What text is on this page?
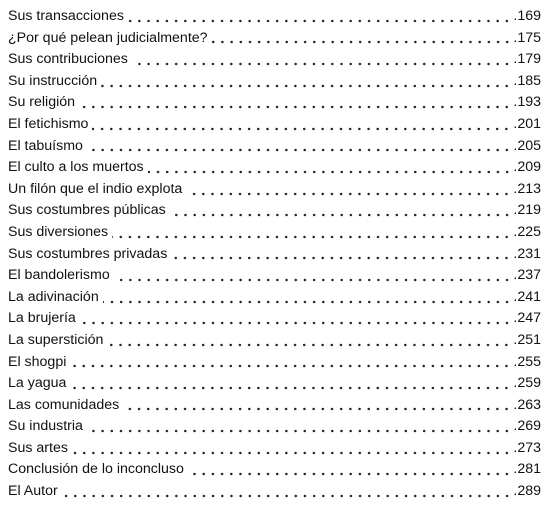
Sus transacciones	.169
¿Por qué pelean judicialmente?	.175
Sus contribuciones	.179
Su instrucción	.185
Su religión	.193
El fetichismo	.201
El tabuísmo	.205
El culto a los muertos	.209
Un filón que el indio explota	.213
Sus costumbres públicas	.219
Sus diversiones	.225
Sus costumbres privadas	.231
El bandolerismo	.237
La adivinación	.241
La brujería	.247
La superstición	.251
El shogpi	.255
La yagua	.259
Las comunidades	.263
Su industria	.269
Sus artes	.273
Conclusión de lo inconcluso	.281
El Autor	.289
